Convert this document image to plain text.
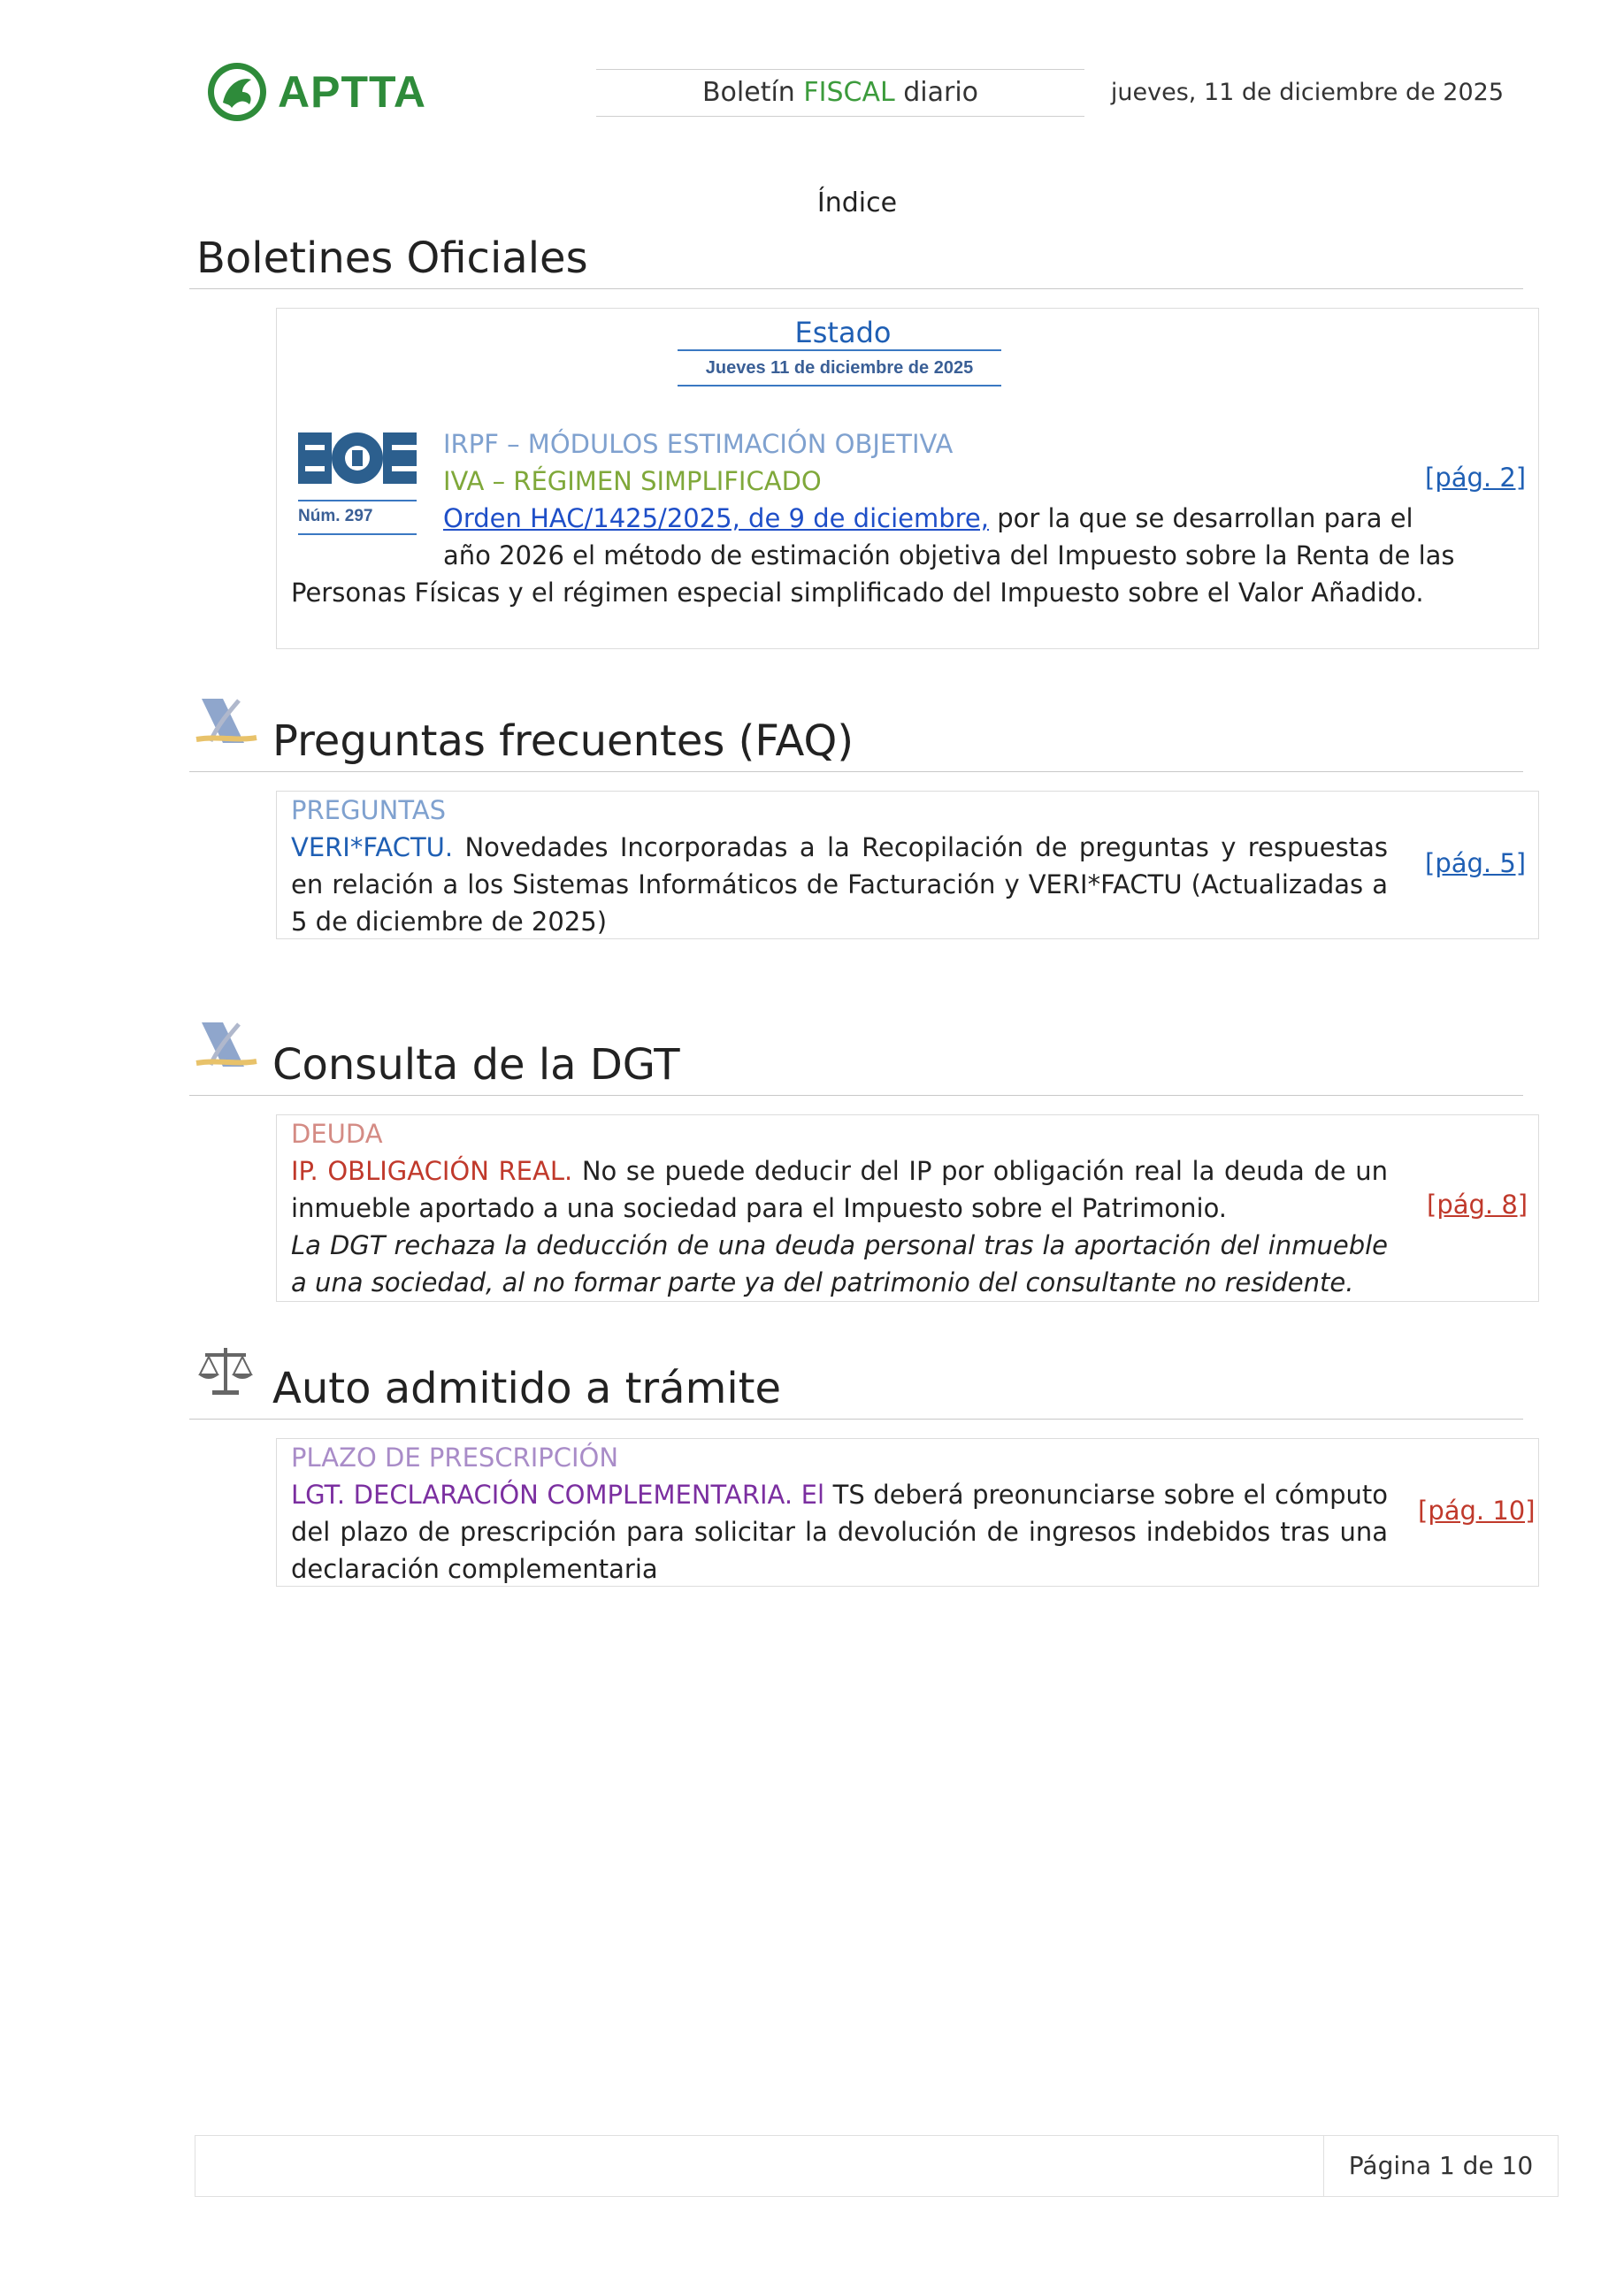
APTTA	Boletín FISCAL diario	jueves, 11 de diciembre de 2025
Índice
Boletines Oficiales
Estado
Jueves 11 de diciembre de 2025
Núm. 297
IRPF – MÓDULOS ESTIMACIÓN OBJETIVA
IVA – RÉGIMEN SIMPLIFICADO
Orden HAC/1425/2025, de 9 de diciembre, por la que se desarrollan para el
año 2026 el método de estimación objetiva del Impuesto sobre la Renta de las
Personas Físicas y el régimen especial simplificado del Impuesto sobre el Valor Añadido.
[pág. 2]
Preguntas frecuentes (FAQ)
PREGUNTAS
VERI*FACTU. Novedades Incorporadas a la Recopilación de preguntas y respuestas en relación a los Sistemas Informáticos de Facturación y VERI*FACTU (Actualizadas a 5 de diciembre de 2025)
[pág. 5]
Consulta de la DGT
DEUDA
IP. OBLIGACIÓN REAL. No se puede deducir del IP por obligación real la deuda de un inmueble aportado a una sociedad para el Impuesto sobre el Patrimonio.
La DGT rechaza la deducción de una deuda personal tras la aportación del inmueble a una sociedad, al no formar parte ya del patrimonio del consultante no residente.
[pág. 8]
Auto admitido a trámite
PLAZO DE PRESCRIPCIÓN
LGT. DECLARACIÓN COMPLEMENTARIA. El TS deberá preonunciarse sobre el cómputo del plazo de prescripción para solicitar la devolución de ingresos indebidos tras una declaración complementaria
[pág. 10]
Página 1 de 10
